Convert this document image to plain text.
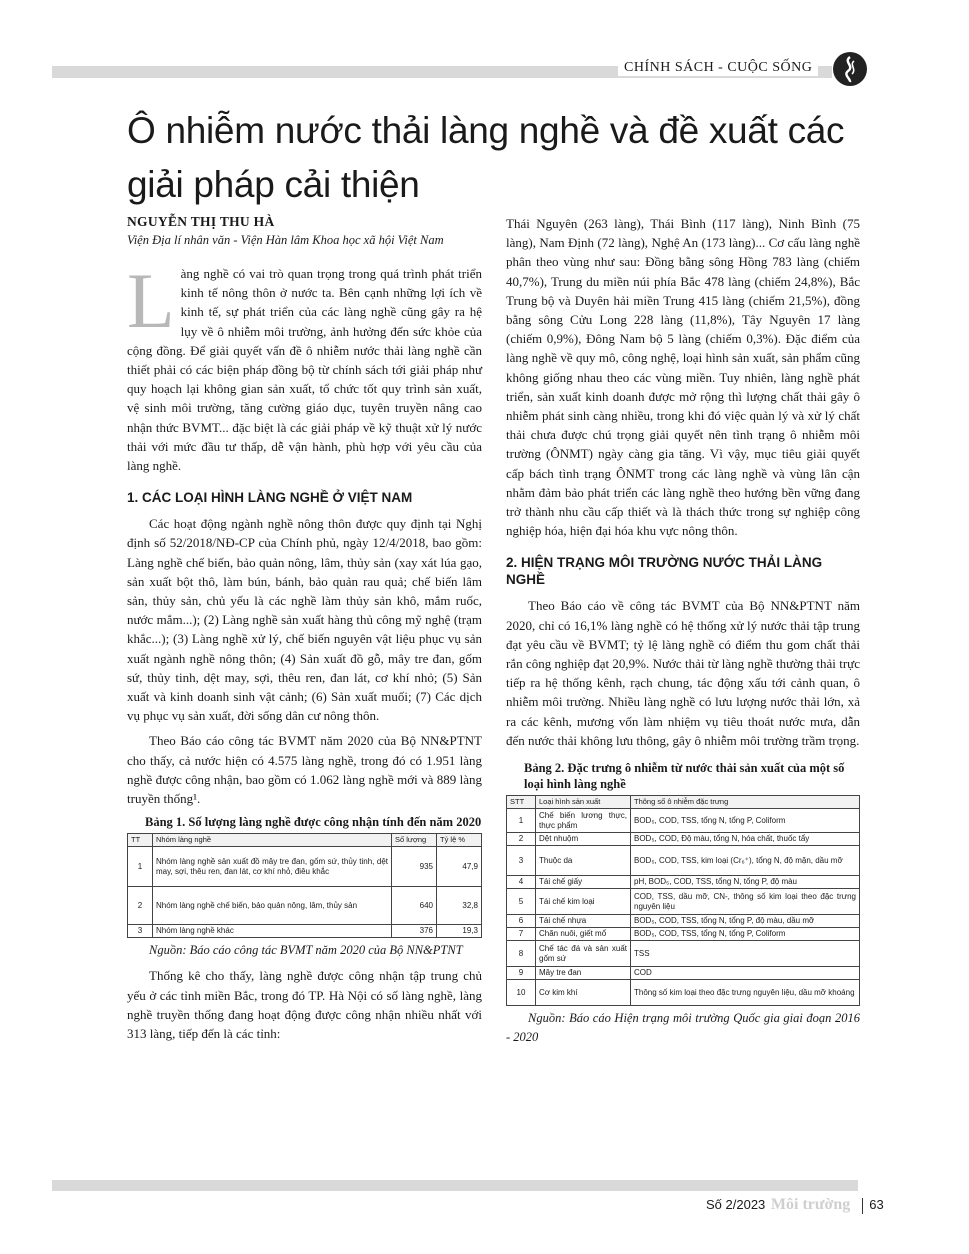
CHÍNH SÁCH - CUỘC SỐNG
Ô nhiễm nước thải làng nghề và đề xuất các giải pháp cải thiện
NGUYỄN THỊ THU HÀ
Viện Địa lí nhân văn - Viện Hàn lâm Khoa học xã hội Việt Nam

Làng nghề có vai trò quan trọng trong quá trình phát triển kinh tế nông thôn ở nước ta. Bên cạnh những lợi ích về kinh tế, sự phát triển của các làng nghề cũng gây ra hệ lụy về ô nhiễm môi trường, ảnh hưởng đến sức khỏe của cộng đồng. Để giải quyết vấn đề ô nhiễm nước thải làng nghề cần thiết phải có các biện pháp đồng bộ từ chính sách tới giải pháp như quy hoạch lại không gian sản xuất, tổ chức tốt quy trình sản xuất, vệ sinh môi trường, tăng cường giáo dục, tuyên truyền nâng cao nhận thức BVMT... đặc biệt là các giải pháp về kỹ thuật xử lý nước thải với mức đầu tư thấp, dễ vận hành, phù hợp với yêu cầu của làng nghề.

1. CÁC LOẠI HÌNH LÀNG NGHỀ Ở VIỆT NAM

Các hoạt động ngành nghề nông thôn được quy định tại Nghị định số 52/2018/NĐ-CP của Chính phủ, ngày 12/4/2018, bao gồm: Làng nghề chế biến, bảo quản nông, lâm, thủy sản (xay xát lúa gạo, sản xuất bột thô, làm bún, bánh, bảo quản rau quả; chế biến lâm sản, thủy sản, chủ yếu là các nghề làm thủy sản khô, mắm ruốc, nước mắm...); (2) Làng nghề sản xuất hàng thủ công mỹ nghệ (trạm khắc...); (3) Làng nghề xử lý, chế biến nguyên vật liệu phục vụ sản xuất ngành nghề nông thôn; (4) Sản xuất đồ gỗ, mây tre đan, gốm sứ, thủy tinh, dệt may, sợi, thêu ren, đan lát, cơ khí nhỏ; (5) Sản xuất và kinh doanh sinh vật cảnh; (6) Sản xuất muối; (7) Các dịch vụ phục vụ sản xuất, đời sống dân cư nông thôn.

Theo Báo cáo công tác BVMT năm 2020 của Bộ NN&PTNT cho thấy, cả nước hiện có 4.575 làng nghề, trong đó có 1.951 làng nghề được công nhận, bao gồm có 1.062 làng nghề mới và 889 làng truyền thống¹.

Bảng 1. Số lượng làng nghề được công nhận tính đến năm 2020
TT	Nhóm làng nghề	Số lượng	Tỷ lệ %
1	Nhóm làng nghề sản xuất đồ mây tre đan, gốm sứ, thủy tinh, dệt may, sợi, thêu ren, đan lát, cơ khí nhỏ, điêu khắc	935	47,9
2	Nhóm làng nghề chế biến, bảo quản nông, lâm, thủy sản	640	32,8
3	Nhóm làng nghề khác	376	19,3

Nguồn: Báo cáo công tác BVMT năm 2020 của Bộ NN&PTNT

Thống kê cho thấy, làng nghề được công nhận tập trung chủ yếu ở các tỉnh miền Bắc, trong đó TP. Hà Nội có số làng nghề, làng nghề truyền thống đang hoạt động được công nhận nhiều nhất với 313 làng, tiếp đến là các tỉnh:

Thái Nguyên (263 làng), Thái Bình (117 làng), Ninh Bình (75 làng), Nam Định (72 làng), Nghệ An (173 làng)... Cơ cấu làng nghề phân theo vùng như sau: Đồng bằng sông Hồng 783 làng (chiếm 40,7%), Trung du miền núi phía Bắc 478 làng (chiếm 24,8%), Bắc Trung bộ và Duyên hải miền Trung 415 làng (chiếm 21,5%), đồng bằng sông Cửu Long 228 làng (11,8%), Tây Nguyên 17 làng (chiếm 0,9%), Đông Nam bộ 5 làng (chiếm 0,3%). Đặc điểm của làng nghề về quy mô, công nghệ, loại hình sản xuất, sản phẩm cũng không giống nhau theo các vùng miền. Tuy nhiên, làng nghề phát triển, sản xuất kinh doanh được mở rộng thì lượng chất thải gây ô nhiễm phát sinh càng nhiều, trong khi đó việc quản lý và xử lý chất thải chưa được chú trọng giải quyết nên tình trạng ô nhiễm môi trường (ÔNMT) ngày càng gia tăng. Vì vậy, mục tiêu giải quyết cấp bách tình trạng ÔNMT trong các làng nghề và vùng lân cận nhằm đảm bảo phát triển các làng nghề theo hướng bền vững đang trở thành nhu cầu cấp thiết và là thách thức trong sự nghiệp công nghiệp hóa, hiện đại hóa khu vực nông thôn.

2. HIỆN TRẠNG MÔI TRƯỜNG NƯỚC THẢI LÀNG NGHỀ

Theo Báo cáo về công tác BVMT của Bộ NN&PTNT năm 2020, chỉ có 16,1% làng nghề có hệ thống xử lý nước thải tập trung đạt yêu cầu về BVMT; tỷ lệ làng nghề có điểm thu gom chất thải rắn công nghiệp đạt 20,9%. Nước thải từ làng nghề thường thải trực tiếp ra hệ thống kênh, rạch chung, tác động xấu tới cảnh quan, ô nhiễm môi trường. Nhiều làng nghề có lưu lượng nước thải lớn, xả ra các kênh, mương vốn làm nhiệm vụ tiêu thoát nước mưa, dẫn đến nước thải không lưu thông, gây ô nhiễm môi trường trầm trọng.

Bảng 2. Đặc trưng ô nhiễm từ nước thải sản xuất của một số loại hình làng nghề
STT	Loại hình sản xuất	Thông số ô nhiễm đặc trưng
1	Chế biến lương thực, thực phẩm	BOD₅, COD, TSS, tổng N, tổng P, Coliform
2	Dệt nhuộm	BOD₅, COD, Độ màu, tổng N, hóa chất, thuốc tẩy
3	Thuộc da	BOD₅, COD, TSS, kim loại (Cr₆⁺), tổng N, độ mặn, dầu mỡ
4	Tái chế giấy	pH, BOD₅, COD, TSS, tổng N, tổng P, độ màu
5	Tái chế kim loại	COD, TSS, dầu mỡ, CN-, thông số kim loại theo đặc trưng nguyên liệu
6	Tái chế nhựa	BOD₅, COD, TSS, tổng N, tổng P, độ màu, dầu mỡ
7	Chăn nuôi, giết mổ	BOD₅, COD, TSS, tổng N, tổng P, Coliform
8	Chế tác đá và sản xuất gốm sứ	TSS
9	Mây tre đan	COD
10	Cơ kim khí	Thông số kim loại theo đặc trưng nguyên liệu, dầu mỡ khoáng

Nguồn: Báo cáo Hiện trạng môi trường Quốc gia giai đoạn 2016 - 2020

Số 2/2023 Môi trường 63
